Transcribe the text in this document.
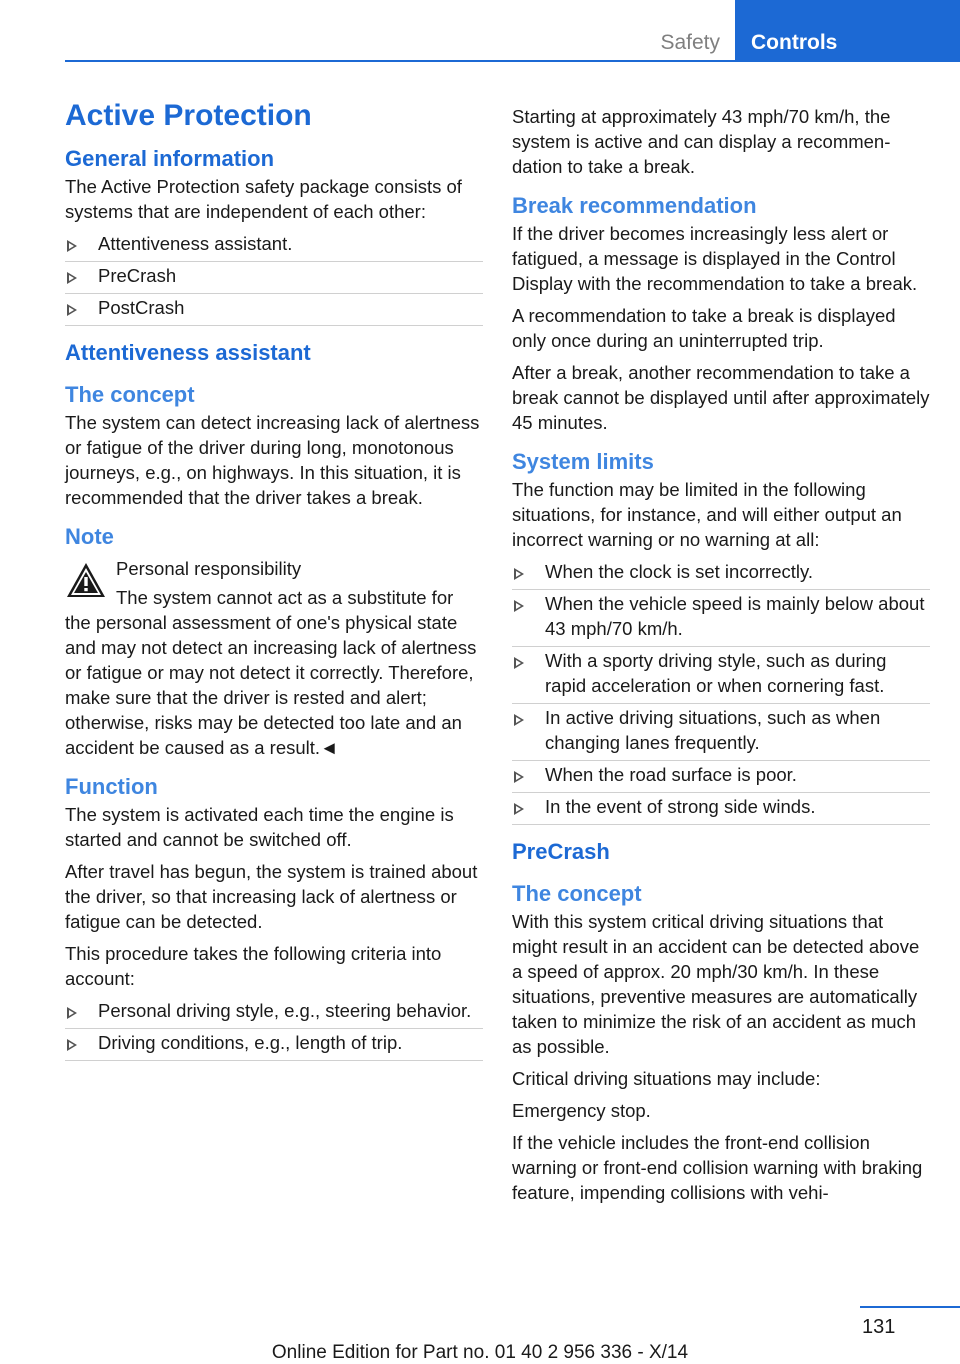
Safety	Controls
Active Protection
General information
The Active Protection safety package consists of systems that are independent of each other:
Attentiveness assistant.
PreCrash
PostCrash
Attentiveness assistant
The concept
The system can detect increasing lack of alertness or fatigue of the driver during long, monotonous journeys, e.g., on highways. In this situation, it is recommended that the driver takes a break.
Note
Personal responsibility
The system cannot act as a substitute for the personal assessment of one's physical state and may not detect an increasing lack of alertness or fatigue or may not detect it correctly. Therefore, make sure that the driver is rested and alert; otherwise, risks may be detected too late and an accident be caused as a result.◄
Function
The system is activated each time the engine is started and cannot be switched off.
After travel has begun, the system is trained about the driver, so that increasing lack of alertness or fatigue can be detected.
This procedure takes the following criteria into account:
Personal driving style, e.g., steering behavior.
Driving conditions, e.g., length of trip.
Starting at approximately 43 mph/70 km/h, the system is active and can display a recommendation to take a break.
Break recommendation
If the driver becomes increasingly less alert or fatigued, a message is displayed in the Control Display with the recommendation to take a break.
A recommendation to take a break is displayed only once during an uninterrupted trip.
After a break, another recommendation to take a break cannot be displayed until after approximately 45 minutes.
System limits
The function may be limited in the following situations, for instance, and will either output an incorrect warning or no warning at all:
When the clock is set incorrectly.
When the vehicle speed is mainly below about 43 mph/70 km/h.
With a sporty driving style, such as during rapid acceleration or when cornering fast.
In active driving situations, such as when changing lanes frequently.
When the road surface is poor.
In the event of strong side winds.
PreCrash
The concept
With this system critical driving situations that might result in an accident can be detected above a speed of approx. 20 mph/30 km/h. In these situations, preventive measures are automatically taken to minimize the risk of an accident as much as possible.
Critical driving situations may include:
Emergency stop.
If the vehicle includes the front-end collision warning or front-end collision warning with braking feature, impending collisions with vehi-
131
Online Edition for Part no. 01 40 2 956 336 - X/14
